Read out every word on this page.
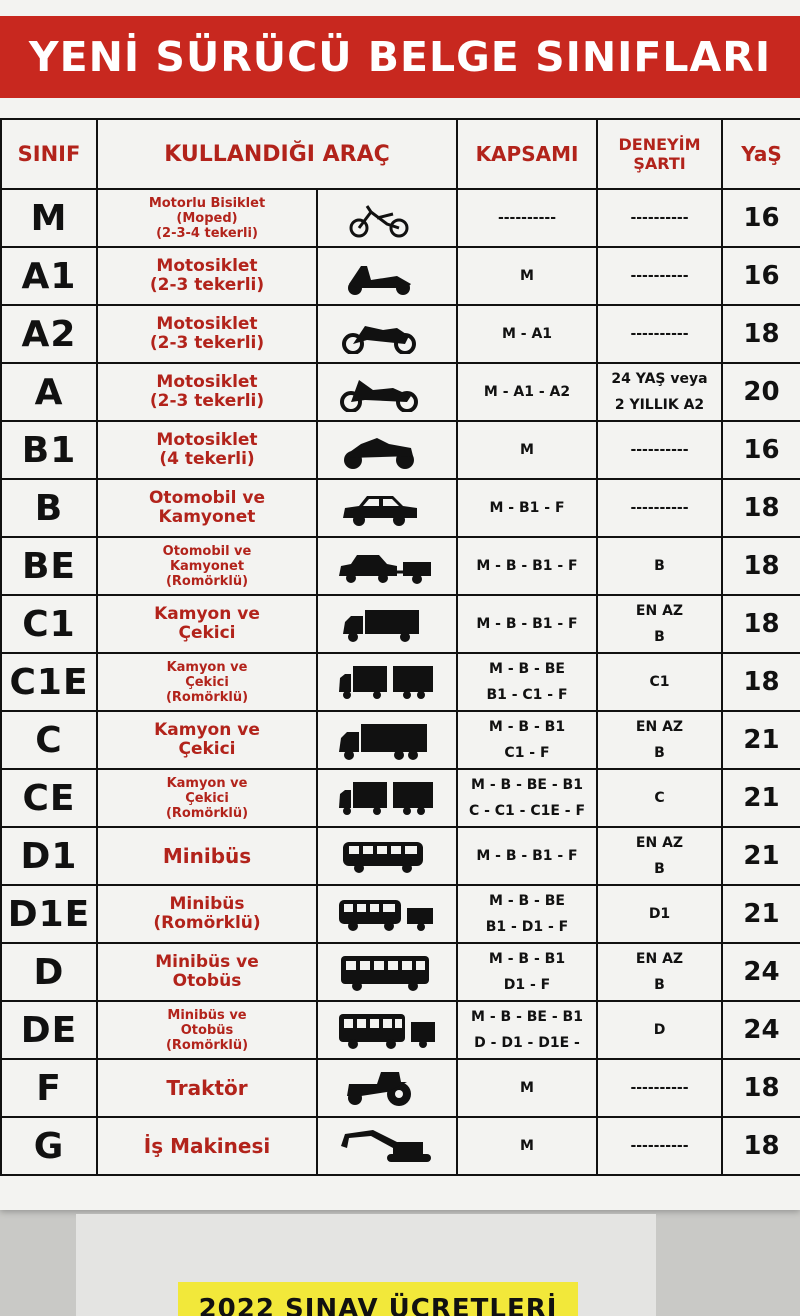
YENİ SÜRÜCÜ BELGE SINIFLARI
SINIF	KULLANDIĞI ARAÇ		KAPSAMI	DENEYİM
ŞARTI	YaŞ
M	Motorlu Bisiklet
(Moped)
(2-3-4 tekerli)		----------	----------	16
A1	Motosiklet
(2-3 tekerli)		M	----------	16
A2	Motosiklet
(2-3 tekerli)		M - A1	----------	18
A	Motosiklet
(2-3 tekerli)		M - A1 - A2	24 YAŞ veya
2 YILLIK A2	20
B1	Motosiklet
(4 tekerli)		M	----------	16
B	Otomobil ve
Kamyonet		M - B1 - F	----------	18
BE	Otomobil ve
Kamyonet
(Romörklü)		M - B - B1 - F	B	18
C1	Kamyon ve
Çekici		M - B - B1 - F	EN AZ
B	18
C1E	Kamyon ve
Çekici
(Romörklü)		M - B - BE
B1 - C1 - F	C1	18
C	Kamyon ve
Çekici		M - B - B1
C1 - F	EN AZ
B	21
CE	Kamyon ve
Çekici
(Romörklü)		M - B - BE - B1
C - C1 - C1E - F	C	21
D1	Minibüs		M - B - B1 - F	EN AZ
B	21
D1E	Minibüs
(Romörklü)		M - B - BE
B1 - D1 - F	D1	21
D	Minibüs ve
Otobüs		M - B - B1
D1 - F	EN AZ
B	24
DE	Minibüs ve
Otobüs
(Romörklü)		M - B - BE - B1
D - D1 - D1E -	D	24
F	Traktör		M	----------	18
G	İş Makinesi		M	----------	18
2022 SINAV ÜCRETLERİ
